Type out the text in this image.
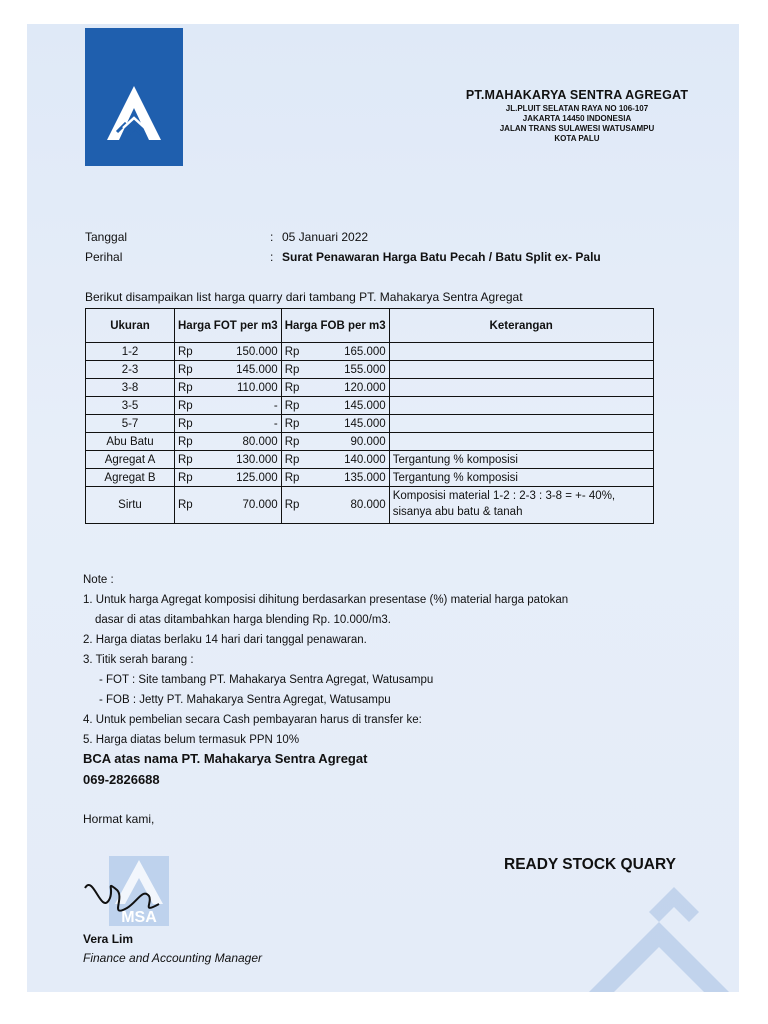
PT.MAHAKARYA SENTRA AGREGAT
JL.PLUIT SELATAN RAYA NO 106-107
JAKARTA 14450 INDONESIA
JALAN TRANS SULAWESI WATUSAMPU
KOTA PALU
Tanggal	: 05 Januari 2022
Perihal	: Surat Penawaran Harga Batu Pecah / Batu Split ex- Palu
Berikut disampaikan list harga quarry dari tambang PT. Mahakarya Sentra Agregat
Ukuran	Harga FOT per m3		Harga FOB per m3		Keterangan
1-2	Rp	150.000	Rp	165.000	
2-3	Rp	145.000	Rp	155.000	
3-8	Rp	110.000	Rp	120.000	
3-5	Rp	-	Rp	145.000	
5-7	Rp	-	Rp	145.000	
Abu Batu	Rp	80.000	Rp	90.000	
Agregat A	Rp	130.000	Rp	140.000	Tergantung % komposisi
Agregat B	Rp	125.000	Rp	135.000	Tergantung % komposisi
Sirtu	Rp	70.000	Rp	80.000	Komposisi material 1-2 : 2-3 : 3-8 = +- 40%, sisanya abu batu & tanah
Note :
1. Untuk harga Agregat komposisi dihitung berdasarkan presentase (%) material harga patokan
dasar di atas ditambahkan harga blending Rp. 10.000/m3.
2. Harga diatas berlaku 14 hari dari tanggal penawaran.
3. Titik serah barang :
- FOT : Site tambang PT. Mahakarya Sentra Agregat, Watusampu
- FOB : Jetty PT. Mahakarya Sentra Agregat, Watusampu
4. Untuk pembelian secara Cash pembayaran harus di transfer ke:
5. Harga diatas belum termasuk PPN 10%
BCA atas nama PT. Mahakarya Sentra Agregat
069-2826688
Hormat kami,
READY STOCK QUARY
MSA
Vera Lim
Finance and Accounting Manager
